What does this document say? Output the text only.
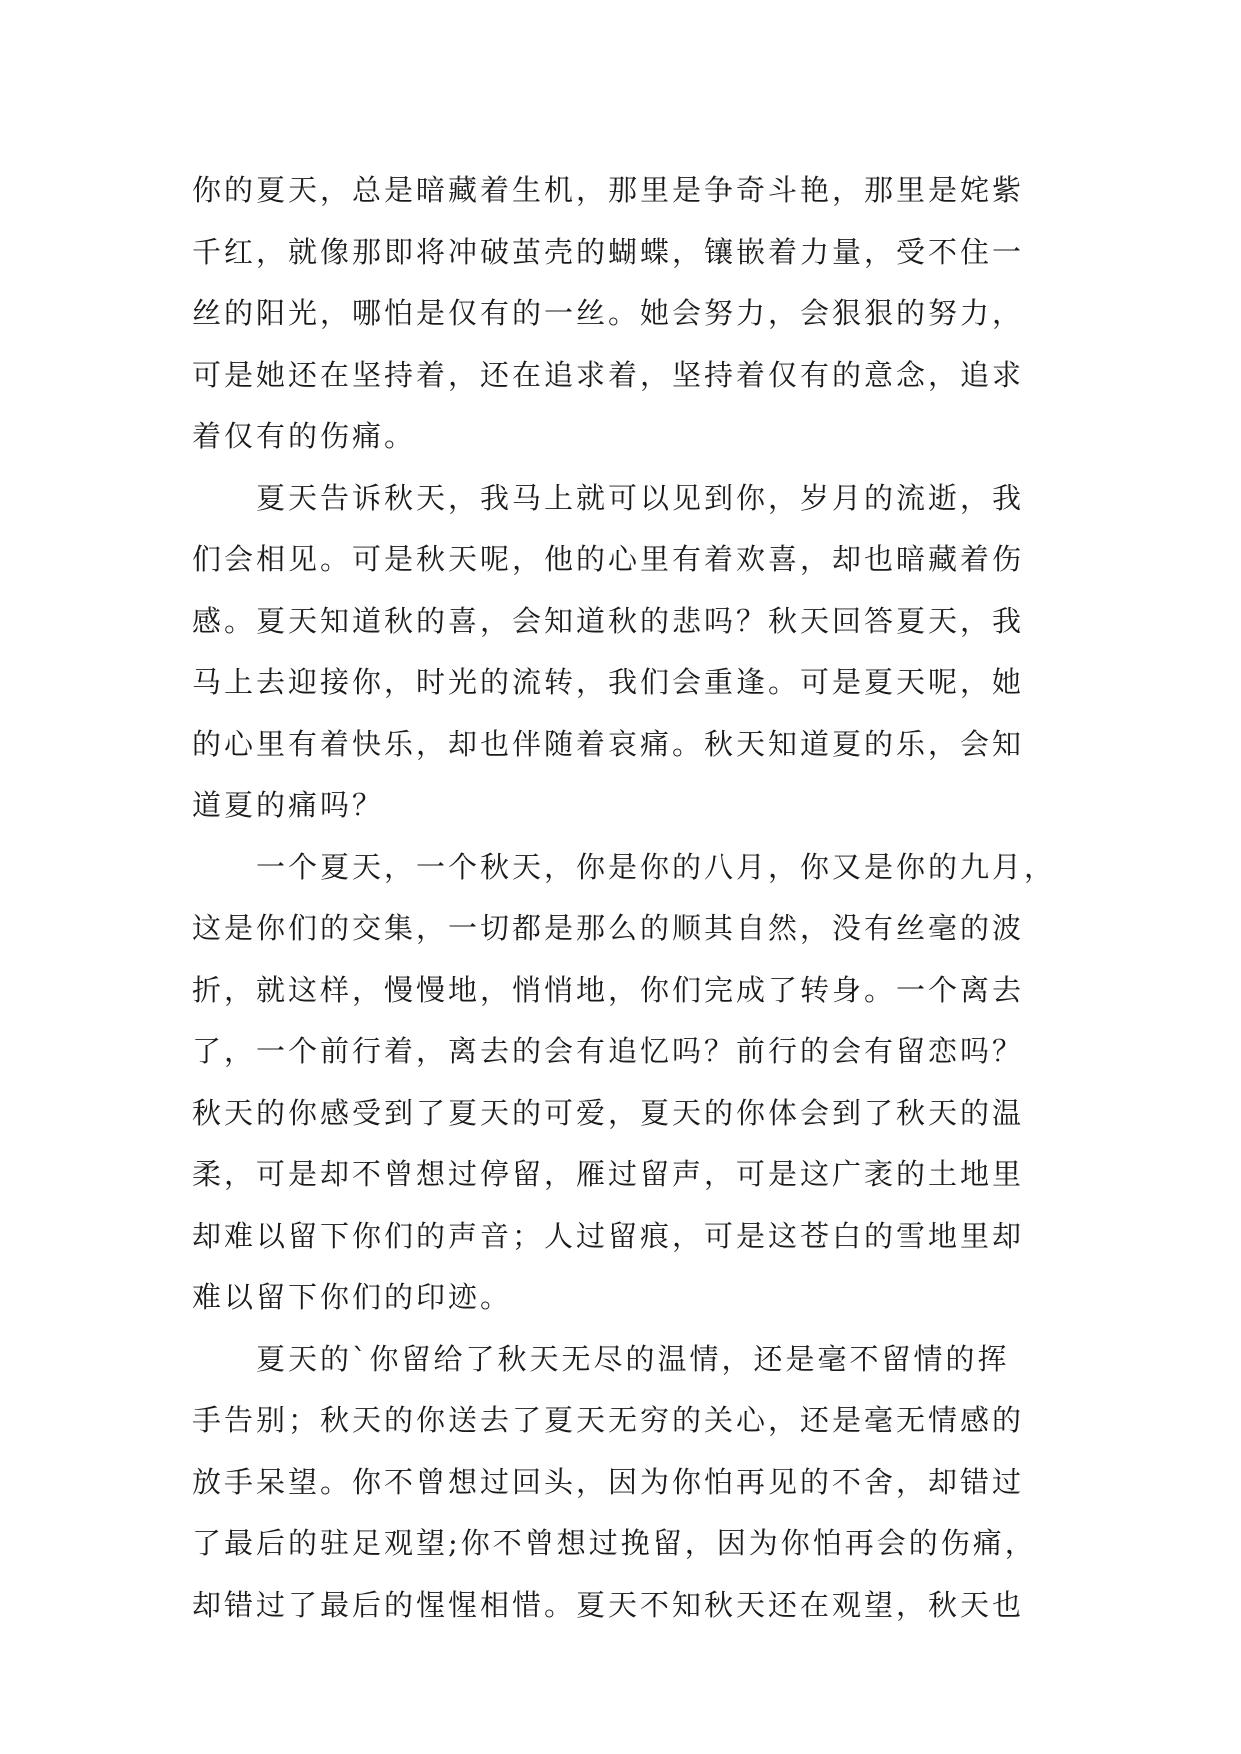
你的夏天，总是暗藏着生机，那里是争奇斗艳，那里是姹紫
千红，就像那即将冲破茧壳的蝴蝶，镶嵌着力量，受不住一
丝的阳光，哪怕是仅有的一丝。她会努力，会狠狠的努力，
可是她还在坚持着，还在追求着，坚持着仅有的意念，追求
着仅有的伤痛。
夏天告诉秋天，我马上就可以见到你，岁月的流逝，我
们会相见。可是秋天呢，他的心里有着欢喜，却也暗藏着伤
感。夏天知道秋的喜，会知道秋的悲吗？秋天回答夏天，我
马上去迎接你，时光的流转，我们会重逢。可是夏天呢，她
的心里有着快乐，却也伴随着哀痛。秋天知道夏的乐，会知
道夏的痛吗？
一个夏天，一个秋天，你是你的八月，你又是你的九月，
这是你们的交集，一切都是那么的顺其自然，没有丝毫的波
折，就这样，慢慢地，悄悄地，你们完成了转身。一个离去
了，一个前行着，离去的会有追忆吗？前行的会有留恋吗？
秋天的你感受到了夏天的可爱，夏天的你体会到了秋天的温
柔，可是却不曾想过停留，雁过留声，可是这广袤的土地里
却难以留下你们的声音；人过留痕，可是这苍白的雪地里却
难以留下你们的印迹。
夏天的`你留给了秋天无尽的温情，还是毫不留情的挥
手告别；秋天的你送去了夏天无穷的关心，还是毫无情感的
放手呆望。你不曾想过回头，因为你怕再见的不舍，却错过
了最后的驻足观望;你不曾想过挽留，因为你怕再会的伤痛，
却错过了最后的惺惺相惜。夏天不知秋天还在观望，秋天也
